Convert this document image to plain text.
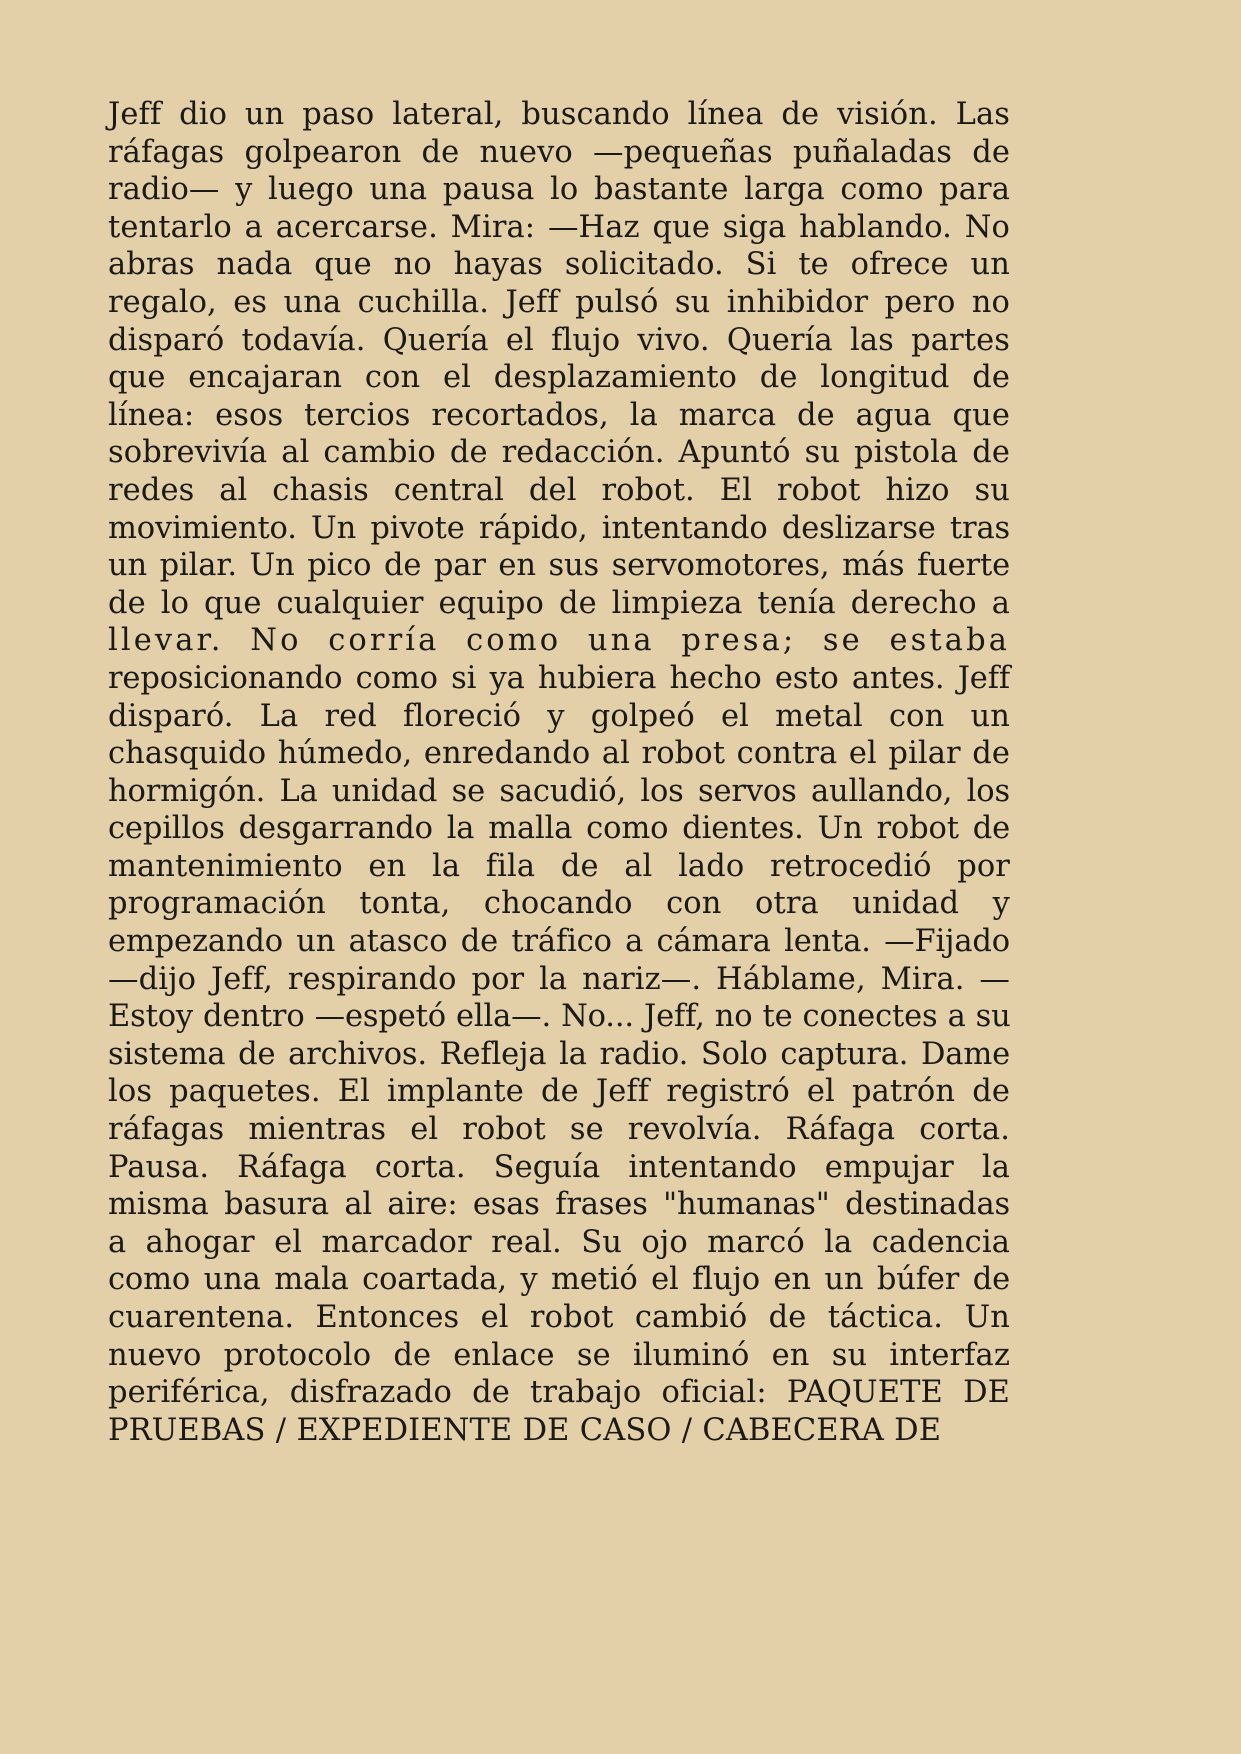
Jeff dio un paso lateral, buscando línea de visión. Las
ráfagas golpearon de nuevo —pequeñas puñaladas de
radio— y luego una pausa lo bastante larga como para
tentarlo a acercarse. Mira: —Haz que siga hablando. No
abras nada que no hayas solicitado. Si te ofrece un
regalo, es una cuchilla. Jeff pulsó su inhibidor pero no
disparó todavía. Quería el flujo vivo. Quería las partes
que encajaran con el desplazamiento de longitud de
línea: esos tercios recortados, la marca de agua que
sobrevivía al cambio de redacción. Apuntó su pistola de
redes al chasis central del robot. El robot hizo su
movimiento. Un pivote rápido, intentando deslizarse tras
un pilar. Un pico de par en sus servomotores, más fuerte
de lo que cualquier equipo de limpieza tenía derecho a
llevar. No corría como una presa; se estaba
reposicionando como si ya hubiera hecho esto antes. Jeff
disparó. La red floreció y golpeó el metal con un
chasquido húmedo, enredando al robot contra el pilar de
hormigón. La unidad se sacudió, los servos aullando, los
cepillos desgarrando la malla como dientes. Un robot de
mantenimiento en la fila de al lado retrocedió por
programación tonta, chocando con otra unidad y
empezando un atasco de tráfico a cámara lenta. —Fijado
—dijo Jeff, respirando por la nariz—. Háblame, Mira. —
Estoy dentro —espetó ella—. No... Jeff, no te conectes a su
sistema de archivos. Refleja la radio. Solo captura. Dame
los paquetes. El implante de Jeff registró el patrón de
ráfagas mientras el robot se revolvía. Ráfaga corta.
Pausa. Ráfaga corta. Seguía intentando empujar la
misma basura al aire: esas frases "humanas" destinadas
a ahogar el marcador real. Su ojo marcó la cadencia
como una mala coartada, y metió el flujo en un búfer de
cuarentena. Entonces el robot cambió de táctica. Un
nuevo protocolo de enlace se iluminó en su interfaz
periférica, disfrazado de trabajo oficial: PAQUETE DE
PRUEBAS / EXPEDIENTE DE CASO / CABECERA DE
